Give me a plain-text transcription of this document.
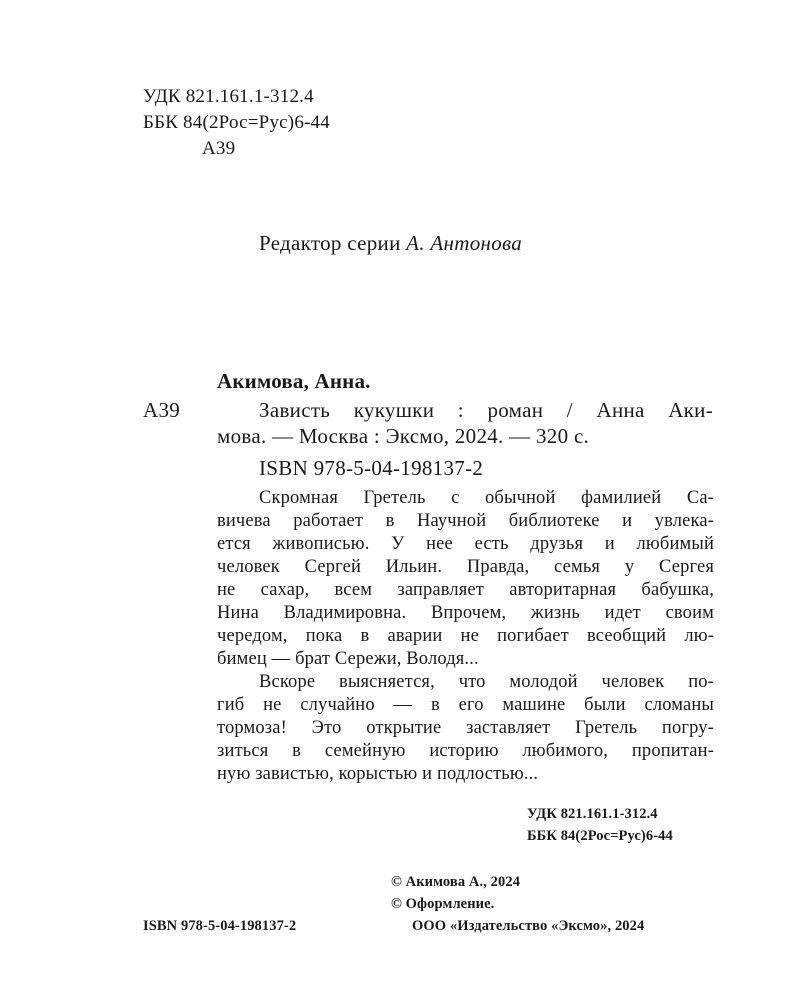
УДК 821.161.1-312.4
ББК 84(2Рос=Рус)6-44
А39
Редактор серии А. Антонова
Акимова, Анна.
А39	Зависть кукушки : роман / Анна Аки-
мова. — Москва : Эксмо, 2024. — 320 с.
ISBN 978-5-04-198137-2
Скромная Гретель с обычной фамилией Са-
вичева работает в Научной библиотеке и увлека-
ется живописью. У нее есть друзья и любимый
человек Сергей Ильин. Правда, семья у Сергея
не сахар, всем заправляет авторитарная бабушка,
Нина Владимировна. Впрочем, жизнь идет своим
чередом, пока в аварии не погибает всеобщий лю-
бимец — брат Сережи, Володя...
Вскоре выясняется, что молодой человек по-
гиб не случайно — в его машине были сломаны
тормоза! Это открытие заставляет Гретель погру-
зиться в семейную историю любимого, пропитан-
ную завистью, корыстью и подлостью...
УДК 821.161.1-312.4
ББК 84(2Рос=Рус)6-44
© Акимова А., 2024
© Оформление.
ООО «Издательство «Эксмо», 2024
ISBN 978-5-04-198137-2
